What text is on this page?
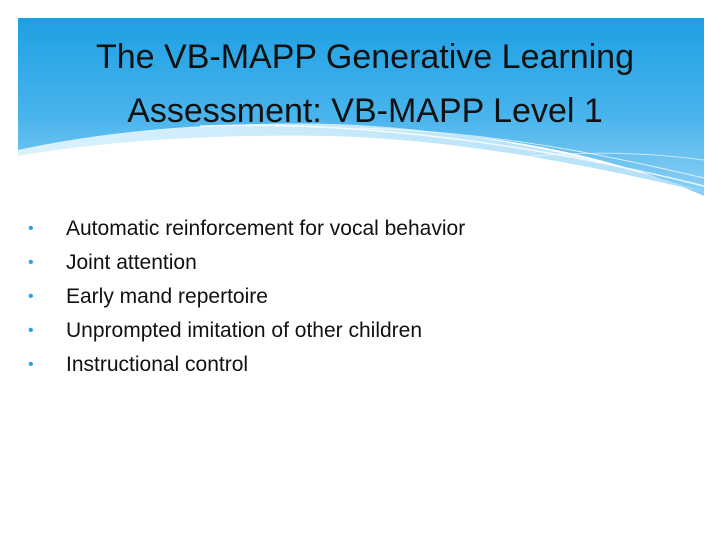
The VB-MAPP Generative Learning
Assessment: VB-MAPP Level 1
• Automatic reinforcement for vocal behavior
• Joint attention
• Early mand repertoire
• Unprompted imitation of other children
• Instructional control
